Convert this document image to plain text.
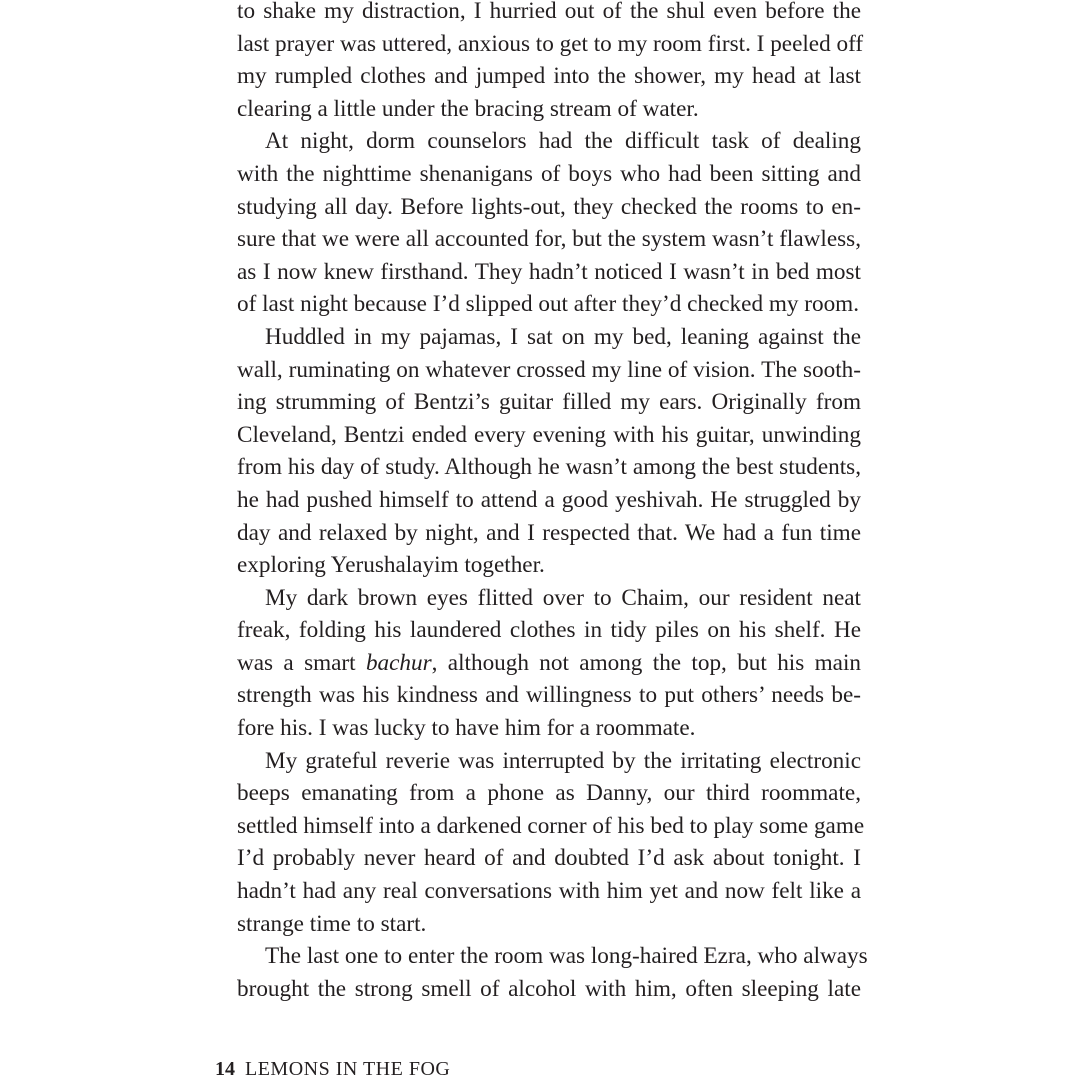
to shake my distraction, I hurried out of the shul even before the
last prayer was uttered, anxious to get to my room first. I peeled off
my rumpled clothes and jumped into the shower, my head at last
clearing a little under the bracing stream of water.
At night, dorm counselors had the difficult task of dealing
with the nighttime shenanigans of boys who had been sitting and
studying all day. Before lights-out, they checked the rooms to en-
sure that we were all accounted for, but the system wasn’t flawless,
as I now knew firsthand. They hadn’t noticed I wasn’t in bed most
of last night because I’d slipped out after they’d checked my room.
Huddled in my pajamas, I sat on my bed, leaning against the
wall, ruminating on whatever crossed my line of vision. The sooth-
ing strumming of Bentzi’s guitar filled my ears. Originally from
Cleveland, Bentzi ended every evening with his guitar, unwinding
from his day of study. Although he wasn’t among the best students,
he had pushed himself to attend a good yeshivah. He struggled by
day and relaxed by night, and I respected that. We had a fun time
exploring Yerushalayim together.
My dark brown eyes flitted over to Chaim, our resident neat
freak, folding his laundered clothes in tidy piles on his shelf. He
was a smart bachur, although not among the top, but his main
strength was his kindness and willingness to put others’ needs be-
fore his. I was lucky to have him for a roommate.
My grateful reverie was interrupted by the irritating electronic
beeps emanating from a phone as Danny, our third roommate,
settled himself into a darkened corner of his bed to play some game
I’d probably never heard of and doubted I’d ask about tonight. I
hadn’t had any real conversations with him yet and now felt like a
strange time to start.
The last one to enter the room was long-haired Ezra, who always
brought the strong smell of alcohol with him, often sleeping late
14 LEMONS IN THE FOG
